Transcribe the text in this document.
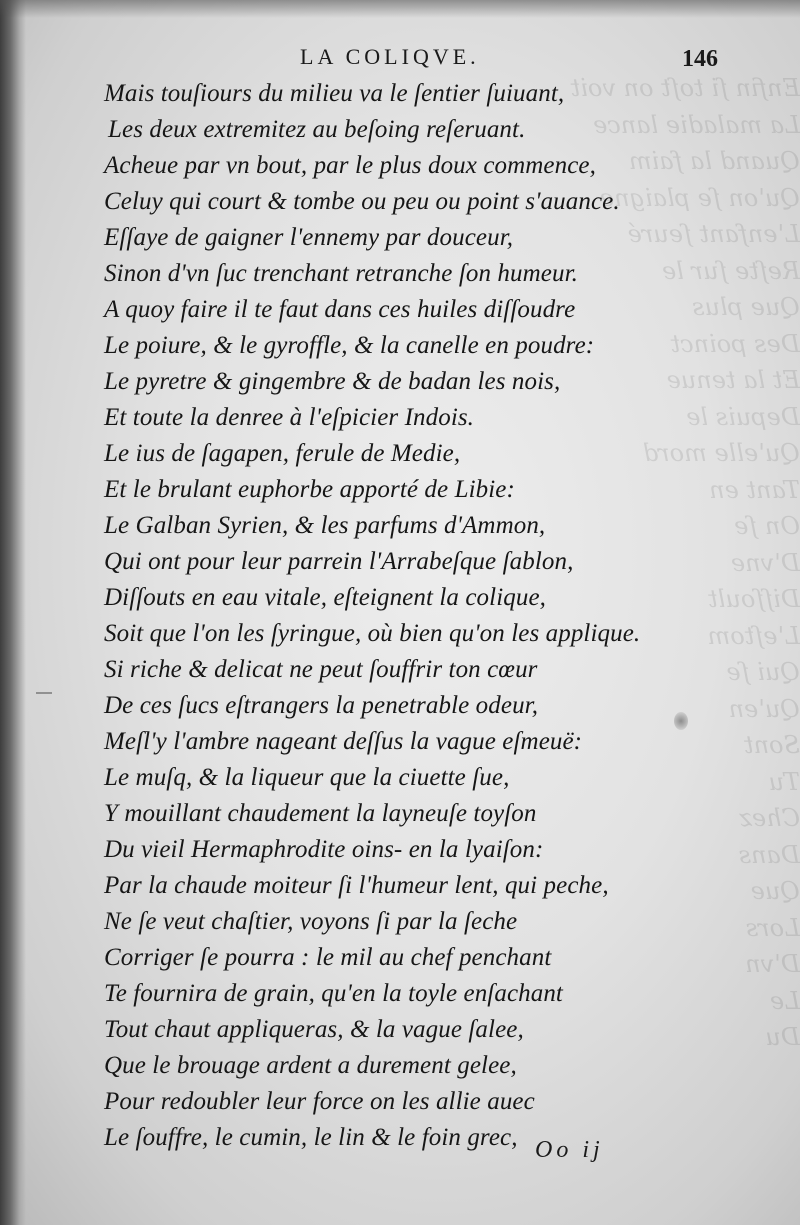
Enfin ſi toſt on voit
La maladie lance
Quand la faim
Qu'on ſe plaigne
L'enfant ſeuré
Reſte ſur le
Que plus
Des poinct
Et la tenue
Depuis le
Qu'elle mord
Tant en
On ſe
D'vne
Diſſoult
L'eſtom
Qui ſe
Qu'en
Sont
Tu
Chez
Dans
Que
Lors
D'vn
Le
Du
LA COLIQVE.	146
Mais touſiours du milieu va le ſentier ſuiuant,
Les deux extremitez au beſoing reſeruant.
Acheue par vn bout, par le plus doux commence,
Celuy qui court & tombe ou peu ou point s'auance.
Eſſaye de gaigner l'ennemy par douceur,
Sinon d'vn ſuc trenchant retranche ſon humeur.
A quoy faire il te faut dans ces huiles diſſoudre
Le poiure, & le gyroffle, & la canelle en poudre:
Le pyretre & gingembre & de badan les nois,
Et toute la denree à l'eſpicier Indois.
Le ius de ſagapen, ferule de Medie,
Et le brulant euphorbe apporté de Libie:
Le Galban Syrien, & les parfums d'Ammon,
Qui ont pour leur parrein l'Arrabeſque ſablon,
Diſſouts en eau vitale, eſteignent la colique,
Soit que l'on les ſyringue, où bien qu'on les applique.
Si riche & delicat ne peut ſouffrir ton cœur
De ces ſucs eſtrangers la penetrable odeur,
Meſl'y l'ambre nageant deſſus la vague eſmeuë:
Le muſq, & la liqueur que la ciuette ſue,
Y mouillant chaudement la layneuſe toyſon
Du vieil Hermaphrodite oins- en la lyaiſon:
Par la chaude moiteur ſi l'humeur lent, qui peche,
Ne ſe veut chaſtier, voyons ſi par la ſeche
Corriger ſe pourra : le mil au chef penchant
Te fournira de grain, qu'en la toyle enſachant
Tout chaut appliqueras, & la vague ſalee,
Que le brouage ardent a durement gelee,
Pour redoubler leur force on les allie auec
Le ſouffre, le cumin, le lin & le foin grec, Oo ij
